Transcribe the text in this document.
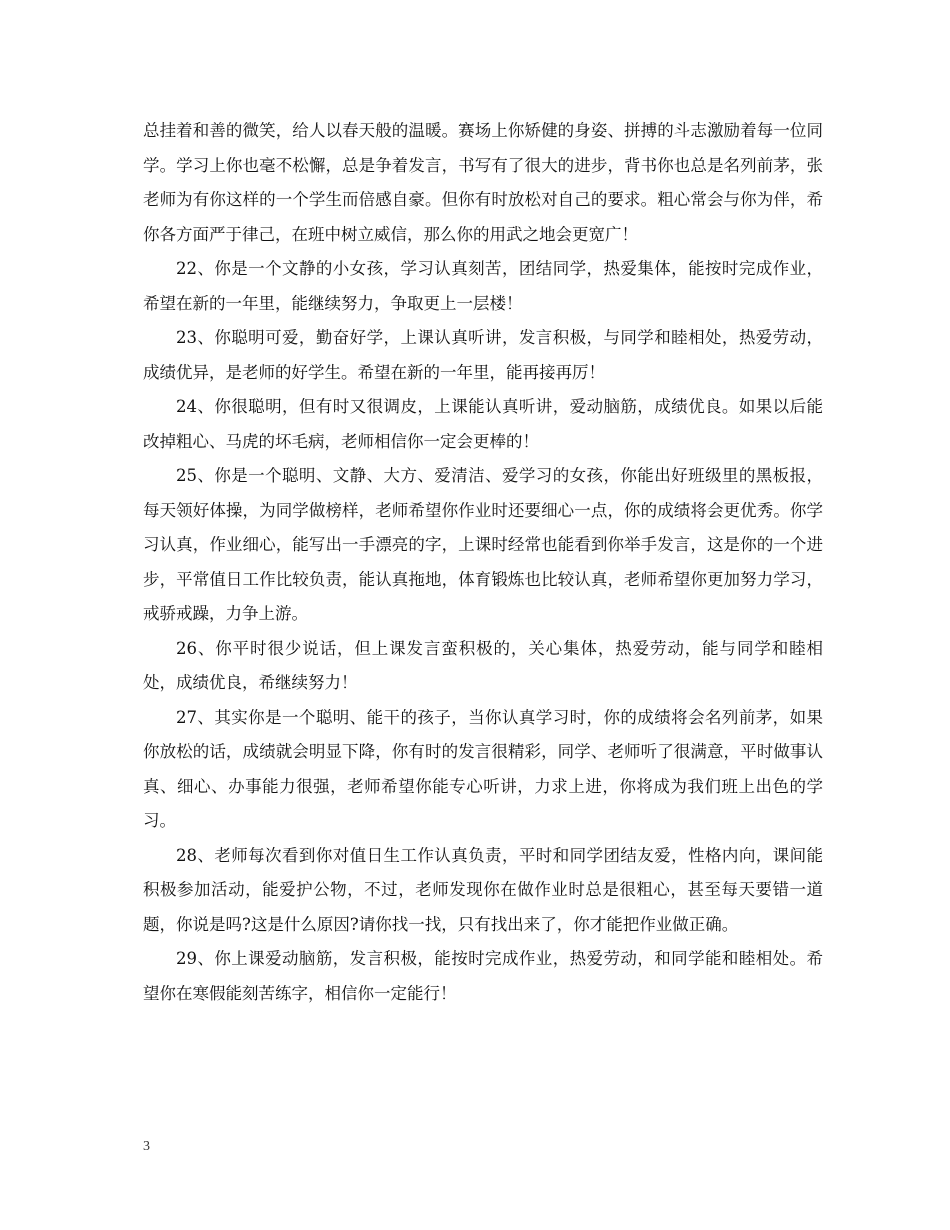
总挂着和善的微笑，给人以春天般的温暖。赛场上你矫健的身姿、拼搏的斗志激励着每一位同学。学习上你也毫不松懈，总是争着发言，书写有了很大的进步，背书你也总是名列前茅，张老师为有你这样的一个学生而倍感自豪。但你有时放松对自己的要求。粗心常会与你为伴，希你各方面严于律己，在班中树立威信，那么你的用武之地会更宽广！

22、你是一个文静的小女孩，学习认真刻苦，团结同学，热爱集体，能按时完成作业，希望在新的一年里，能继续努力，争取更上一层楼！

23、你聪明可爱，勤奋好学，上课认真听讲，发言积极，与同学和睦相处，热爱劳动，成绩优异，是老师的好学生。希望在新的一年里，能再接再厉！

24、你很聪明，但有时又很调皮，上课能认真听讲，爱动脑筋，成绩优良。如果以后能改掉粗心、马虎的坏毛病，老师相信你一定会更棒的！

25、你是一个聪明、文静、大方、爱清洁、爱学习的女孩，你能出好班级里的黑板报，每天领好体操，为同学做榜样，老师希望你作业时还要细心一点，你的成绩将会更优秀。你学习认真，作业细心，能写出一手漂亮的字，上课时经常也能看到你举手发言，这是你的一个进步，平常值日工作比较负责，能认真拖地，体育锻炼也比较认真，老师希望你更加努力学习，戒骄戒躁，力争上游。

26、你平时很少说话，但上课发言蛮积极的，关心集体，热爱劳动，能与同学和睦相处，成绩优良，希继续努力！

27、其实你是一个聪明、能干的孩子，当你认真学习时，你的成绩将会名列前茅，如果你放松的话，成绩就会明显下降，你有时的发言很精彩，同学、老师听了很满意，平时做事认真、细心、办事能力很强，老师希望你能专心听讲，力求上进，你将成为我们班上出色的学习。

28、老师每次看到你对值日生工作认真负责，平时和同学团结友爱，性格内向，课间能积极参加活动，能爱护公物，不过，老师发现你在做作业时总是很粗心，甚至每天要错一道题，你说是吗?这是什么原因?请你找一找，只有找出来了，你才能把作业做正确。

29、你上课爱动脑筋，发言积极，能按时完成作业，热爱劳动，和同学能和睦相处。希望你在寒假能刻苦练字，相信你一定能行！

3
